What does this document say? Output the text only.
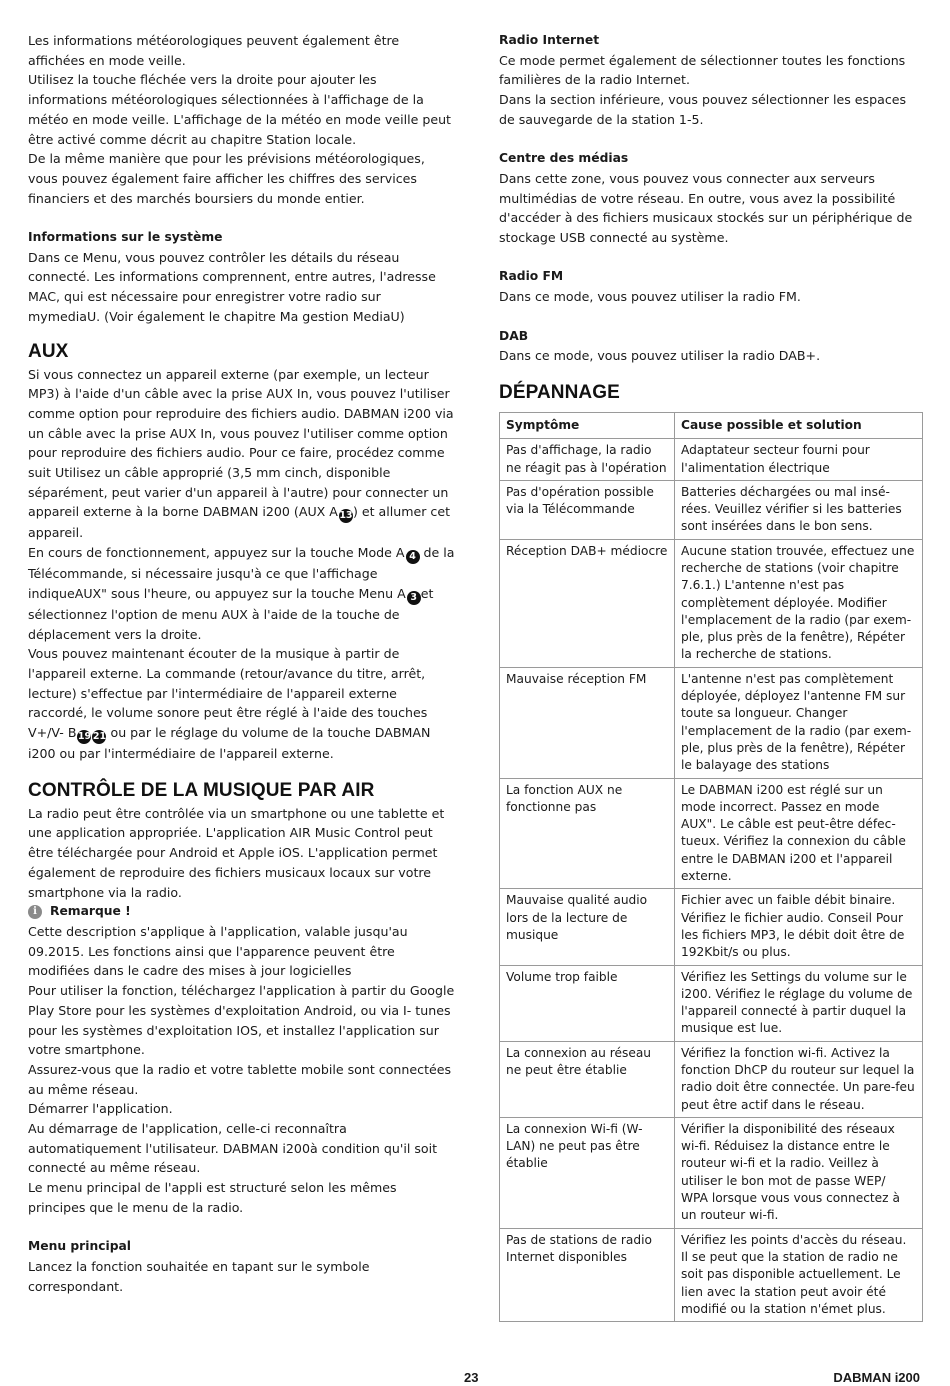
Les informations météorologiques peuvent également être affichées en mode veille.

Utilisez la touche fléchée vers la droite pour ajouter les informations météorologiques sélectionnées à l'affichage de la météo en mode veille. L'affichage de la météo en mode veille peut être activé comme décrit au chapitre Station locale.

De la même manière que pour les prévisions météorologiques, vous pouvez également faire afficher les chiffres des services financiers et des marchés boursiers du monde entier.

Informations sur le système

Dans ce Menu, vous pouvez contrôler les détails du réseau connecté. Les informations comprennent, entre autres, l'adresse MAC, qui est nécessaire pour enregistrer votre radio sur mymediaU. (Voir également le chapitre Ma gestion MediaU)

AUX

Si vous connectez un appareil externe (par exemple, un lecteur MP3) à l'aide d'un câble avec la prise AUX In, vous pouvez l'utiliser comme option pour reproduire des fichiers audio. DABMAN i200 via un câble avec la prise AUX In, vous pouvez l'utiliser comme option pour reproduire des fichiers audio. Pour ce faire, procédez comme suit Utilisez un câble approprié (3,5 mm cinch, disponible séparément, peut varier d'un appareil à l'autre) pour connecter un appareil externe à la borne DABMAN i200 (AUX A13) et allumer cet appareil.

En cours de fonctionnement, appuyez sur la touche Mode A 4 de la Télécommande, si nécessaire jusqu'à ce que l'affichage indiqueAUX" sous l'heure, ou appuyez sur la touche Menu A 3 et sélectionnez l'option de menu AUX à l'aide de la touche de déplacement vers la droite.

Vous pouvez maintenant écouter de la musique à partir de l'appareil externe. La commande (retour/avance du titre, arrêt, lecture) s'effectue par l'intermédiaire de l'appareil externe raccordé, le volume sonore peut être réglé à l'aide des touches V+/V- B19 21 ou par le réglage du volume de la touche DABMAN i200 ou par l'intermédiaire de l'appareil externe.

CONTRÔLE DE LA MUSIQUE PAR AIR

La radio peut être contrôlée via un smartphone ou une tablette et une application appropriée. L'application AIR Music Control peut être téléchargée pour Android et Apple iOS. L'application permet également de reproduire des fichiers musicaux locaux sur votre smartphone via la radio.

i	Remarque !

Cette description s'applique à l'application, valable jusqu'au 09.2015. Les fonctions ainsi que l'apparence peuvent être modifiées dans le cadre des mises à jour logicielles

Pour utiliser la fonction, téléchargez l'application à partir du Google Play Store pour les systèmes d'exploitation Android, ou via I- tunes pour les systèmes d'exploitation IOS, et installez l'application sur votre smartphone.

Assurez-vous que la radio et votre tablette mobile sont connectées au même réseau.

Démarrer l'application.

Au démarrage de l'application, celle-ci reconnaîtra automatiquement l'utilisateur. DABMAN i200à condition qu'il soit connecté au même réseau.

Le menu principal de l'appli est structuré selon les mêmes principes que le menu de la radio.

Menu principal

Lancez la fonction souhaitée en tapant sur le symbole correspondant.

Radio Internet

Ce mode permet également de sélectionner toutes les fonctions familières de la radio Internet.

Dans la section inférieure, vous pouvez sélectionner les espaces de sauvegarde de la station 1-5.

Centre des médias

Dans cette zone, vous pouvez vous connecter aux serveurs multimédias de votre réseau. En outre, vous avez la possibilité d'accéder à des fichiers musicaux stockés sur un périphérique de stockage USB connecté au système.

Radio FM

Dans ce mode, vous pouvez utiliser la radio FM.

DAB

Dans ce mode, vous pouvez utiliser la radio DAB+.

DÉPANNAGE
Symptôme	Cause possible et solution
Pas d'affichage, la radio ne réagit pas à l'opération	Adaptateur secteur fourni pour l'alimentation électrique
Pas d'opération possible via la Télécommande	Batteries déchargées ou mal insé-rées. Veuillez vérifier si les batteries sont insérées dans le bon sens.
Réception DAB+ médiocre	Aucune station trouvée, effectuez une recherche de stations (voir chapitre 7.6.1.) L'antenne n'est pas complètement déployée. Modifier l'emplacement de la radio (par exem-ple, plus près de la fenêtre), Répéter la recherche de stations.
Mauvaise réception FM	L'antenne n'est pas complètement déployée, déployez l'antenne FM sur toute sa longueur. Changer l'emplacement de la radio (par exem-ple, plus près de la fenêtre), Répéter le balayage des stations
La fonction AUX ne fonctionne pas	Le DABMAN i200 est réglé sur un mode incorrect. Passez en mode AUX". Le câble est peut-être défec-tueux. Vérifiez la connexion du câble entre le DABMAN i200 et l'appareil externe.
Mauvaise qualité audio lors de la lecture de musique	Fichier avec un faible débit binaire. Vérifiez le fichier audio. Conseil Pour les fichiers MP3, le débit doit être de 192Kbit/s ou plus.
Volume trop faible	Vérifiez les Settings du volume sur le i200. Vérifiez le réglage du volume de l'appareil connecté à partir duquel la musique est lue.
La connexion au réseau ne peut être établie	Vérifiez la fonction wi-fi. Activez la fonction DhCP du routeur sur lequel la radio doit être connectée. Un pare-feu peut être actif dans le réseau.
La connexion Wi-fi (W-LAN) ne peut pas être établie	Vérifier la disponibilité des réseaux wi-fi. Réduisez la distance entre le routeur wi-fi et la radio. Veillez à utiliser le bon mot de passe WEP/ WPA lorsque vous vous connectez à un routeur wi-fi.
Pas de stations de radio Internet disponibles	Vérifiez les points d'accès du réseau. Il se peut que la station de radio ne soit pas disponible actuellement. Le lien avec la station peut avoir été modifié ou la station n'émet plus.
23	DABMAN i200
